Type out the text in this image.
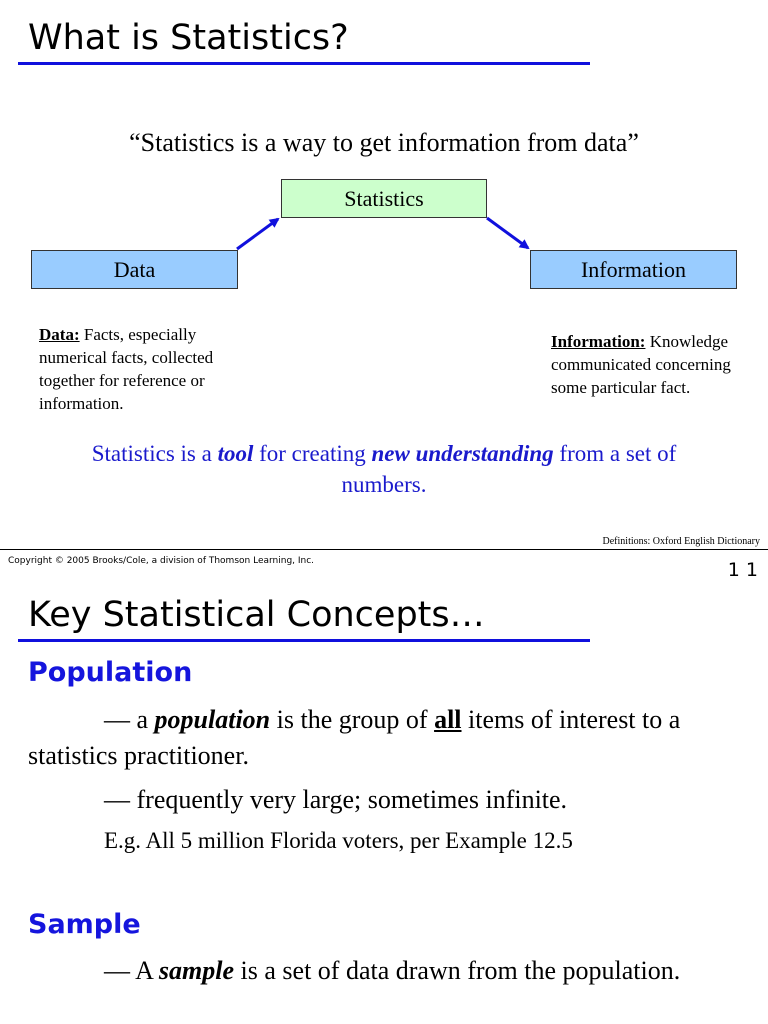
What is Statistics?
“Statistics is a way to get information from data”
Statistics
Data	Information
Data: Facts, especially numerical facts, collected together for reference or information.
Information: Knowledge communicated concerning some particular fact.
Statistics is a tool for creating new understanding from a set of numbers.
Definitions: Oxford English Dictionary
Copyright © 2005 Brooks/Cole, a division of Thomson Learning, Inc.	1 1
Key Statistical Concepts…
Population
— a population is the group of all items of interest to a statistics practitioner.
— frequently very large; sometimes infinite.
E.g. All 5 million Florida voters, per Example 12.5
Sample
— A sample is a set of data drawn from the population.
